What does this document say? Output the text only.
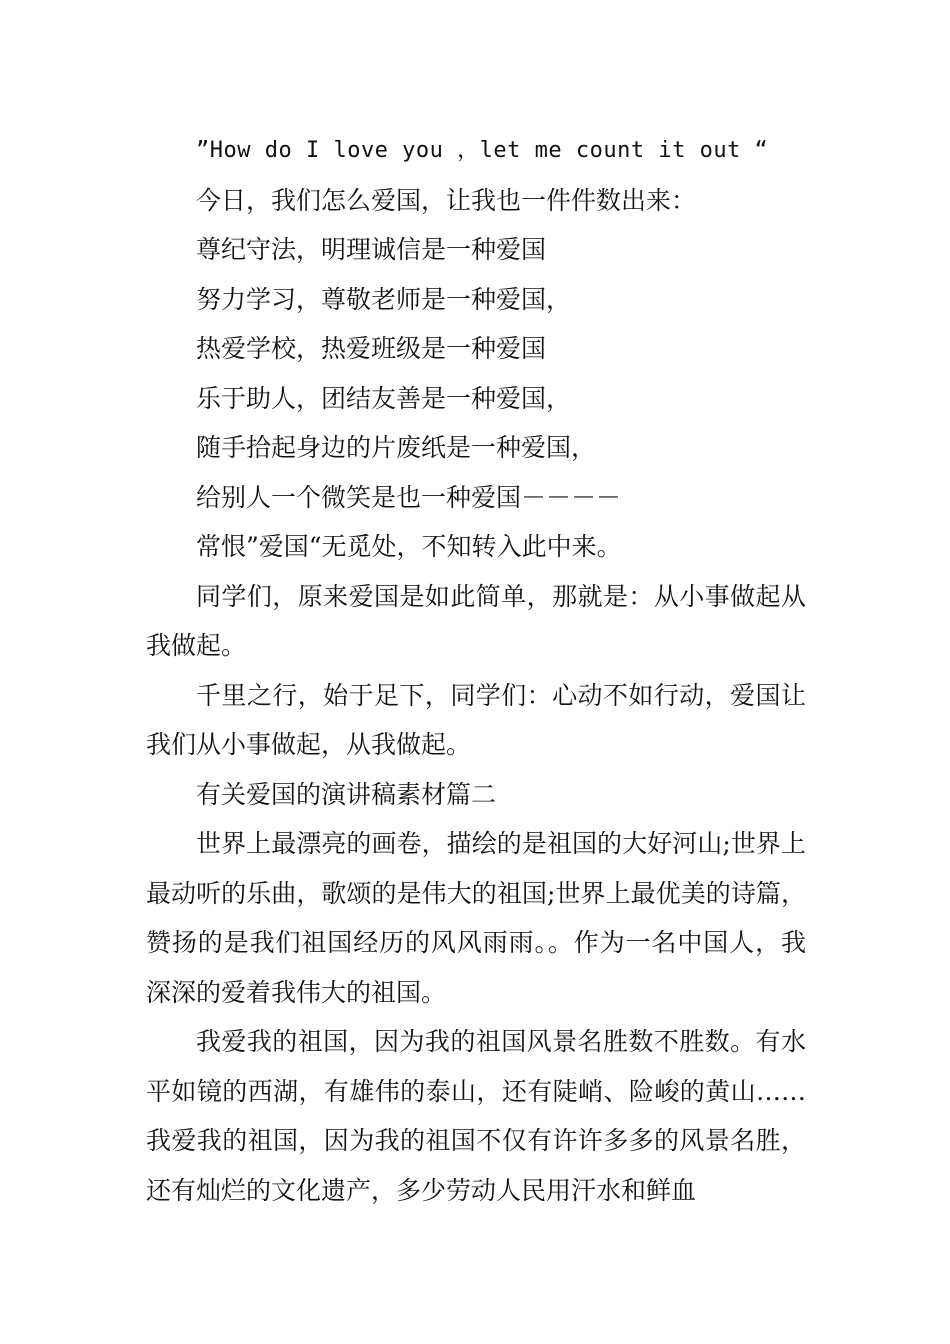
”How do I love you ，let me count it out “
今日，我们怎么爱国，让我也一件件数出来：
尊纪守法，明理诚信是一种爱国
努力学习，尊敬老师是一种爱国，
热爱学校，热爱班级是一种爱国
乐于助人，团结友善是一种爱国，
随手拾起身边的片废纸是一种爱国，
给别人一个微笑是也一种爱国－－－－
常恨”爱国“无觅处，不知转入此中来。

同学们，原来爱国是如此简单，那就是：从小事做起从我做起。

千里之行，始于足下，同学们：心动不如行动，爱国让我们从小事做起，从我做起。

有关爱国的演讲稿素材篇二

世界上最漂亮的画卷，描绘的是祖国的大好河山;世界上最动听的乐曲，歌颂的是伟大的祖国;世界上最优美的诗篇，赞扬的是我们祖国经历的风风雨雨。。作为一名中国人，我深深的爱着我伟大的祖国。

我爱我的祖国，因为我的祖国风景名胜数不胜数。有水平如镜的西湖，有雄伟的泰山，还有陡峭、险峻的黄山……我爱我的祖国，因为我的祖国不仅有许许多多的风景名胜，还有灿烂的文化遗产，多少劳动人民用汗水和鲜血
